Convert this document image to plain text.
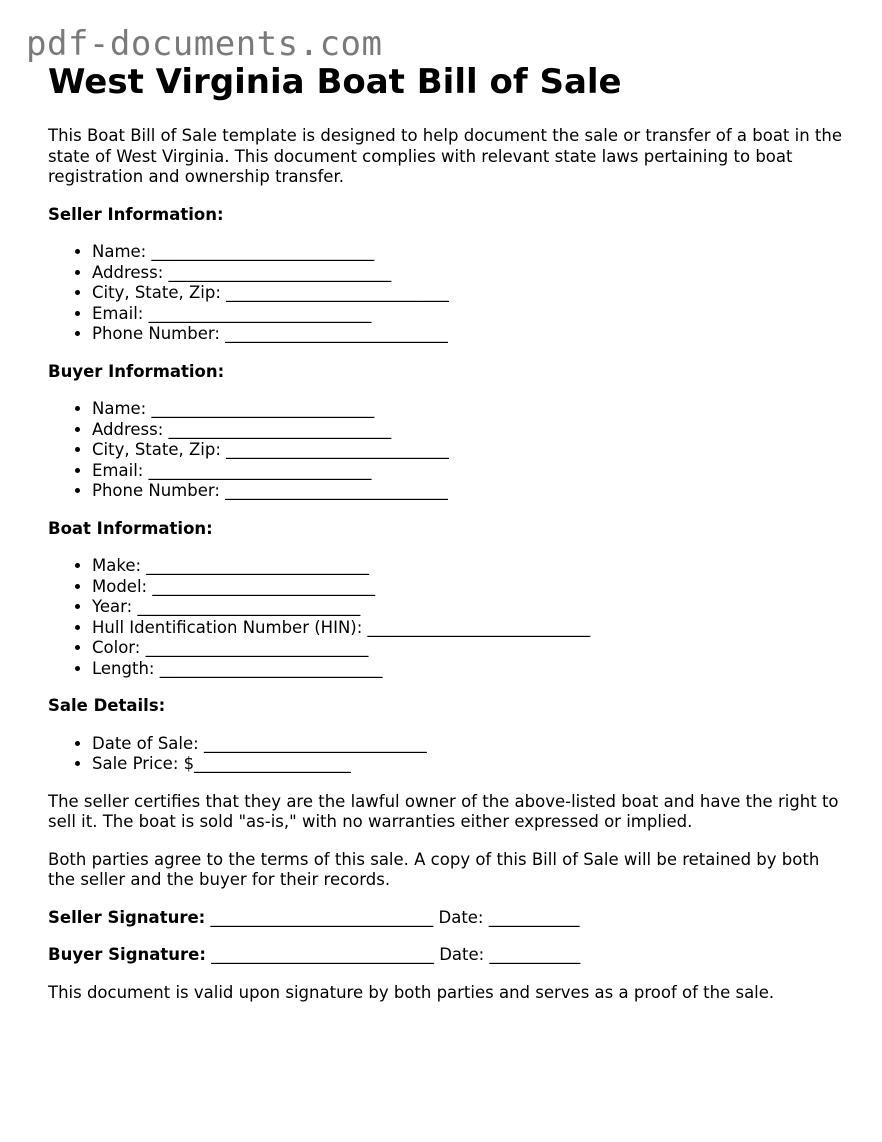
pdf-documents.com
West Virginia Boat Bill of Sale

This Boat Bill of Sale template is designed to help document the sale or transfer of a boat in the state of West Virginia. This document complies with relevant state laws pertaining to boat registration and ownership transfer.

Seller Information:
• Name: ___________________________
• Address: ___________________________
• City, State, Zip: ___________________________
• Email: ___________________________
• Phone Number: ___________________________
Buyer Information:
• Name: ___________________________
• Address: ___________________________
• City, State, Zip: ___________________________
• Email: ___________________________
• Phone Number: ___________________________
Boat Information:
• Make: ___________________________
• Model: ___________________________
• Year: ___________________________
• Hull Identification Number (HIN): ___________________________
• Color: ___________________________
• Length: ___________________________
Sale Details:
• Date of Sale: ___________________________
• Sale Price: $___________________

The seller certifies that they are the lawful owner of the above-listed boat and have the right to sell it. The boat is sold "as-is," with no warranties either expressed or implied.

Both parties agree to the terms of this sale. A copy of this Bill of Sale will be retained by both the seller and the buyer for their records.

Seller Signature: ___________________________ Date: ___________
Buyer Signature: ___________________________ Date: ___________

This document is valid upon signature by both parties and serves as a proof of the sale.
